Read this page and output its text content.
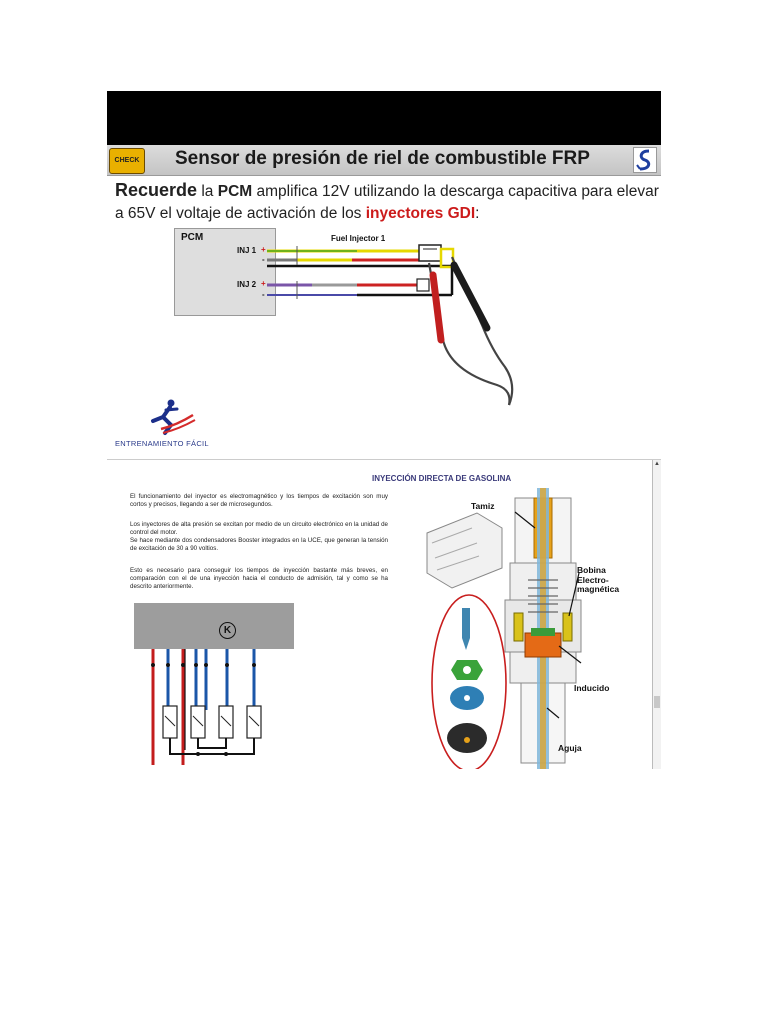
CHECK Sensor de presión de riel de combustible FRP
Recuerde la PCM amplifica 12V utilizando la descarga capacitiva para elevar a 65V el voltaje de activación de los inyectores GDI:
PCM	Fuel Injector 1
INJ 1 +
-
INJ 2 +
-
ENTRENAMIENTO FÁCIL
INYECCIÓN DIRECTA DE GASOLINA
El funcionamiento del inyector es electromagnético y los tiempos de excitación son muy cortos y precisos, llegando a ser de microsegundos.
Los inyectores de alta presión se excitan por medio de un circuito electrónico en la unidad de control del motor.
Se hace mediante dos condensadores Booster integrados en la UCE, que generan la tensión de excitación de 30 a 90 voltios.
Esto es necesario para conseguir los tiempos de inyección bastante más breves, en comparación con el de una inyección hacia el conducto de admisión, tal y como se ha descrito anteriormente.
K
Tamiz
Bobina
Electro-
magnética
Inducido
Aguja
▲
